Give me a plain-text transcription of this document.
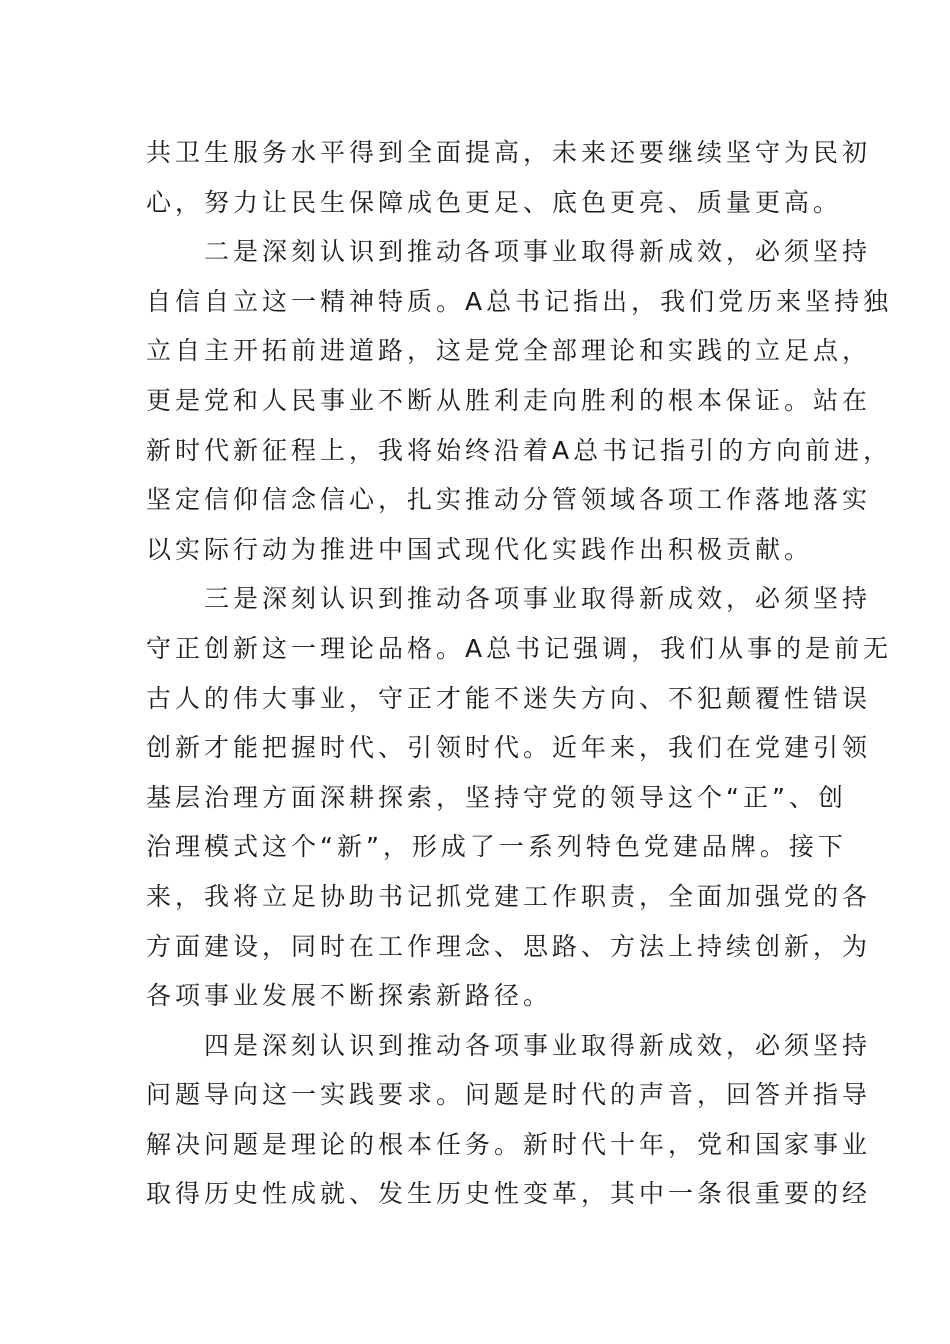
共卫生服务水平得到全面提高，未来还要继续坚守为民初
心，努力让民生保障成色更足、底色更亮、质量更高。
二是深刻认识到推动各项事业取得新成效，必须坚持
自信自立这一精神特质。A总书记指出，我们党历来坚持独
立自主开拓前进道路，这是党全部理论和实践的立足点，
更是党和人民事业不断从胜利走向胜利的根本保证。站在
新时代新征程上，我将始终沿着A总书记指引的方向前进，
坚定信仰信念信心，扎实推动分管领域各项工作落地落实
以实际行动为推进中国式现代化实践作出积极贡献。
三是深刻认识到推动各项事业取得新成效，必须坚持
守正创新这一理论品格。A总书记强调，我们从事的是前无
古人的伟大事业，守正才能不迷失方向、不犯颠覆性错误
创新才能把握时代、引领时代。近年来，我们在党建引领
基层治理方面深耕探索，坚持守党的领导这个“正”、创
治理模式这个“新”，形成了一系列特色党建品牌。接下
来，我将立足协助书记抓党建工作职责，全面加强党的各
方面建设，同时在工作理念、思路、方法上持续创新，为
各项事业发展不断探索新路径。
四是深刻认识到推动各项事业取得新成效，必须坚持
问题导向这一实践要求。问题是时代的声音，回答并指导
解决问题是理论的根本任务。新时代十年，党和国家事业
取得历史性成就、发生历史性变革，其中一条很重要的经
